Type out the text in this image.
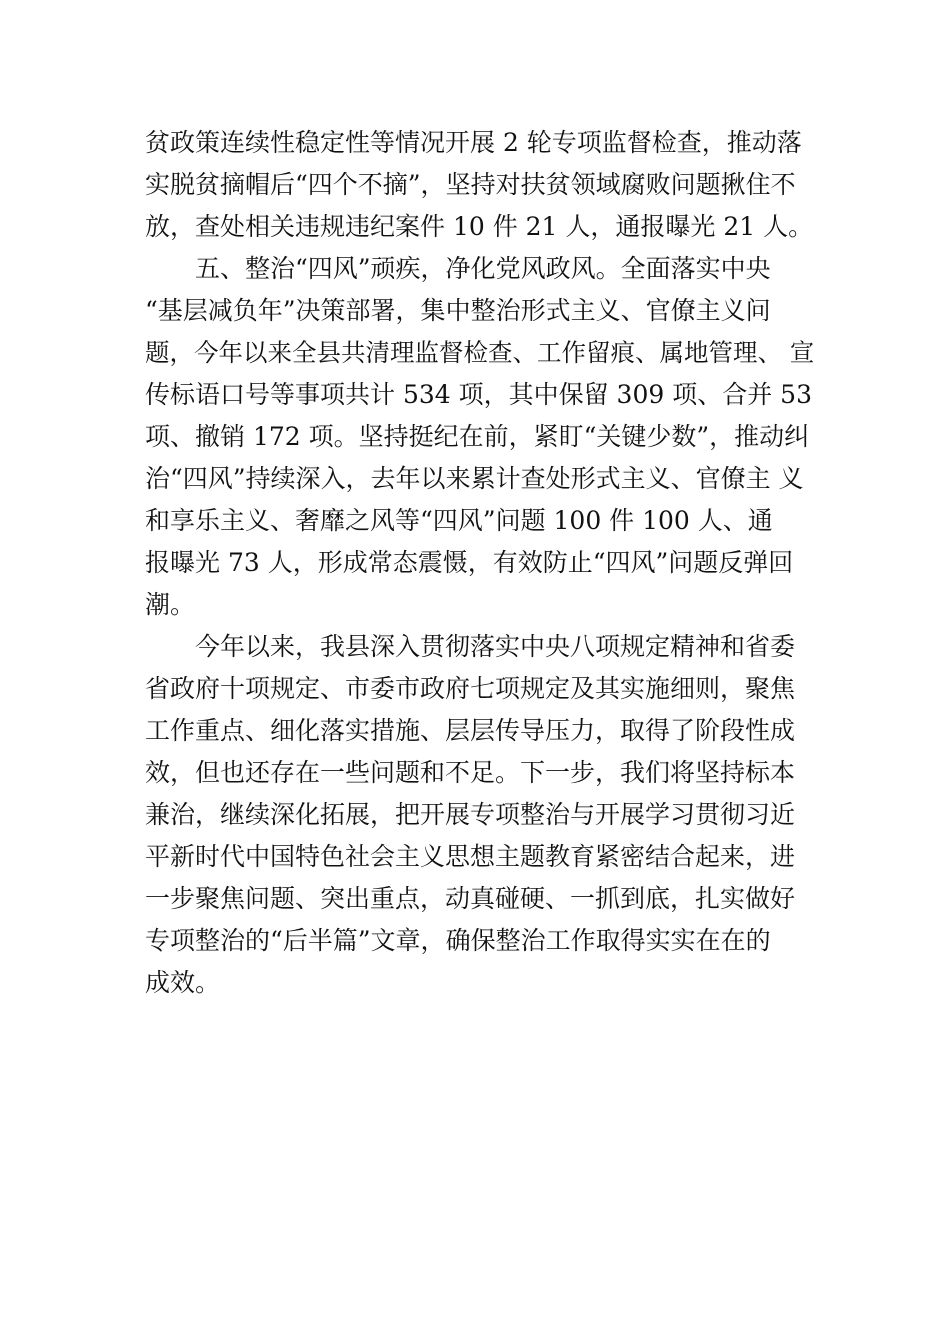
贫政策连续性稳定性等情况开展 2 轮专项监督检查，推动落
实脱贫摘帽后“四个不摘”，坚持对扶贫领域腐败问题揪住不
放，查处相关违规违纪案件 10 件 21 人，通报曝光 21 人。
五、整治“四风”顽疾，净化党风政风。全面落实中央
“基层减负年”决策部署，集中整治形式主义、官僚主义问
题，今年以来全县共清理监督检查、工作留痕、属地管理、 宣
传标语口号等事项共计 534 项，其中保留 309 项、合并 53
项、撤销 172 项。坚持挺纪在前，紧盯“关键少数”，推动纠
治“四风”持续深入，去年以来累计查处形式主义、官僚主 义
和享乐主义、奢靡之风等“四风”问题 100 件 100 人、通
报曝光 73 人，形成常态震慑，有效防止“四风”问题反弹回
潮。
今年以来，我县深入贯彻落实中央八项规定精神和省委
省政府十项规定、市委市政府七项规定及其实施细则，聚焦
工作重点、细化落实措施、层层传导压力，取得了阶段性成
效，但也还存在一些问题和不足。下一步，我们将坚持标本
兼治，继续深化拓展，把开展专项整治与开展学习贯彻习近
平新时代中国特色社会主义思想主题教育紧密结合起来，进
一步聚焦问题、突出重点，动真碰硬、一抓到底，扎实做好
专项整治的“后半篇”文章，确保整治工作取得实实在在的
成效。
